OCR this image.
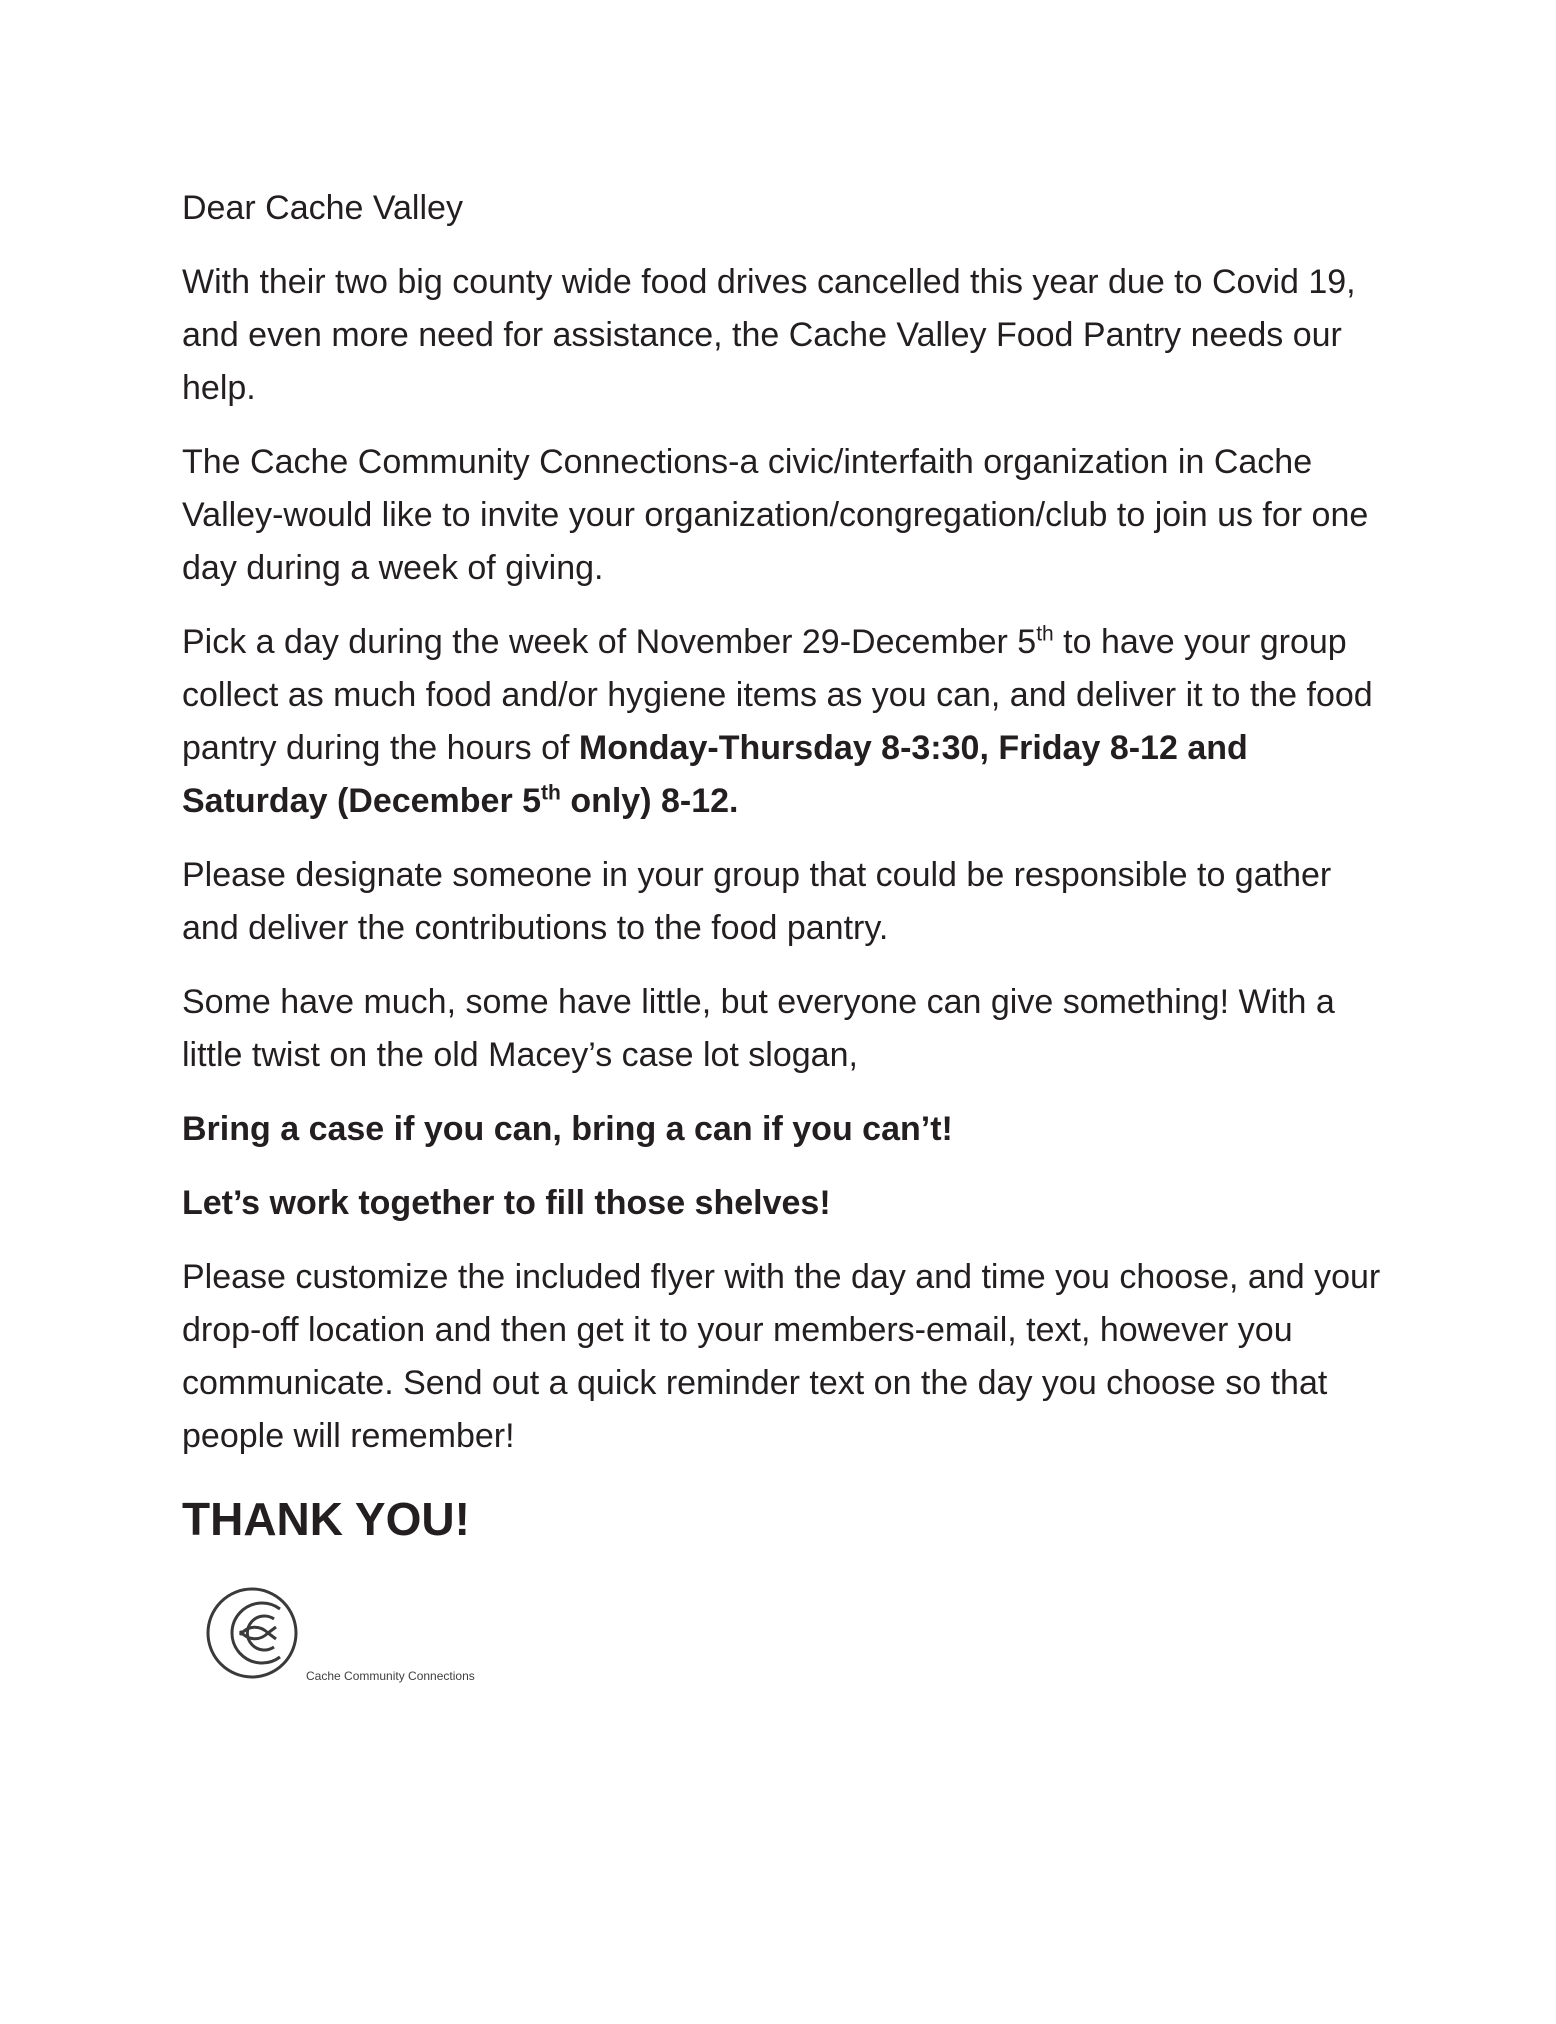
Dear Cache Valley

With their two big county wide food drives cancelled this year due to Covid 19, and even more need for assistance, the Cache Valley Food Pantry needs our help.

The Cache Community Connections-a civic/interfaith organization in Cache Valley-would like to invite your organization/congregation/club to join us for one day during a week of giving.

Pick a day during the week of November 29-December 5th to have your group collect as much food and/or hygiene items as you can, and deliver it to the food pantry during the hours of Monday-Thursday 8-3:30, Friday 8-12 and Saturday (December 5th only) 8-12.

Please designate someone in your group that could be responsible to gather and deliver the contributions to the food pantry.

Some have much, some have little, but everyone can give something! With a little twist on the old Macey’s case lot slogan,

Bring a case if you can, bring a can if you can’t!

Let’s work together to fill those shelves!

Please customize the included flyer with the day and time you choose, and your drop-off location and then get it to your members-email, text, however you communicate. Send out a quick reminder text on the day you choose so that people will remember!

THANK YOU!

Cache Community Connections
